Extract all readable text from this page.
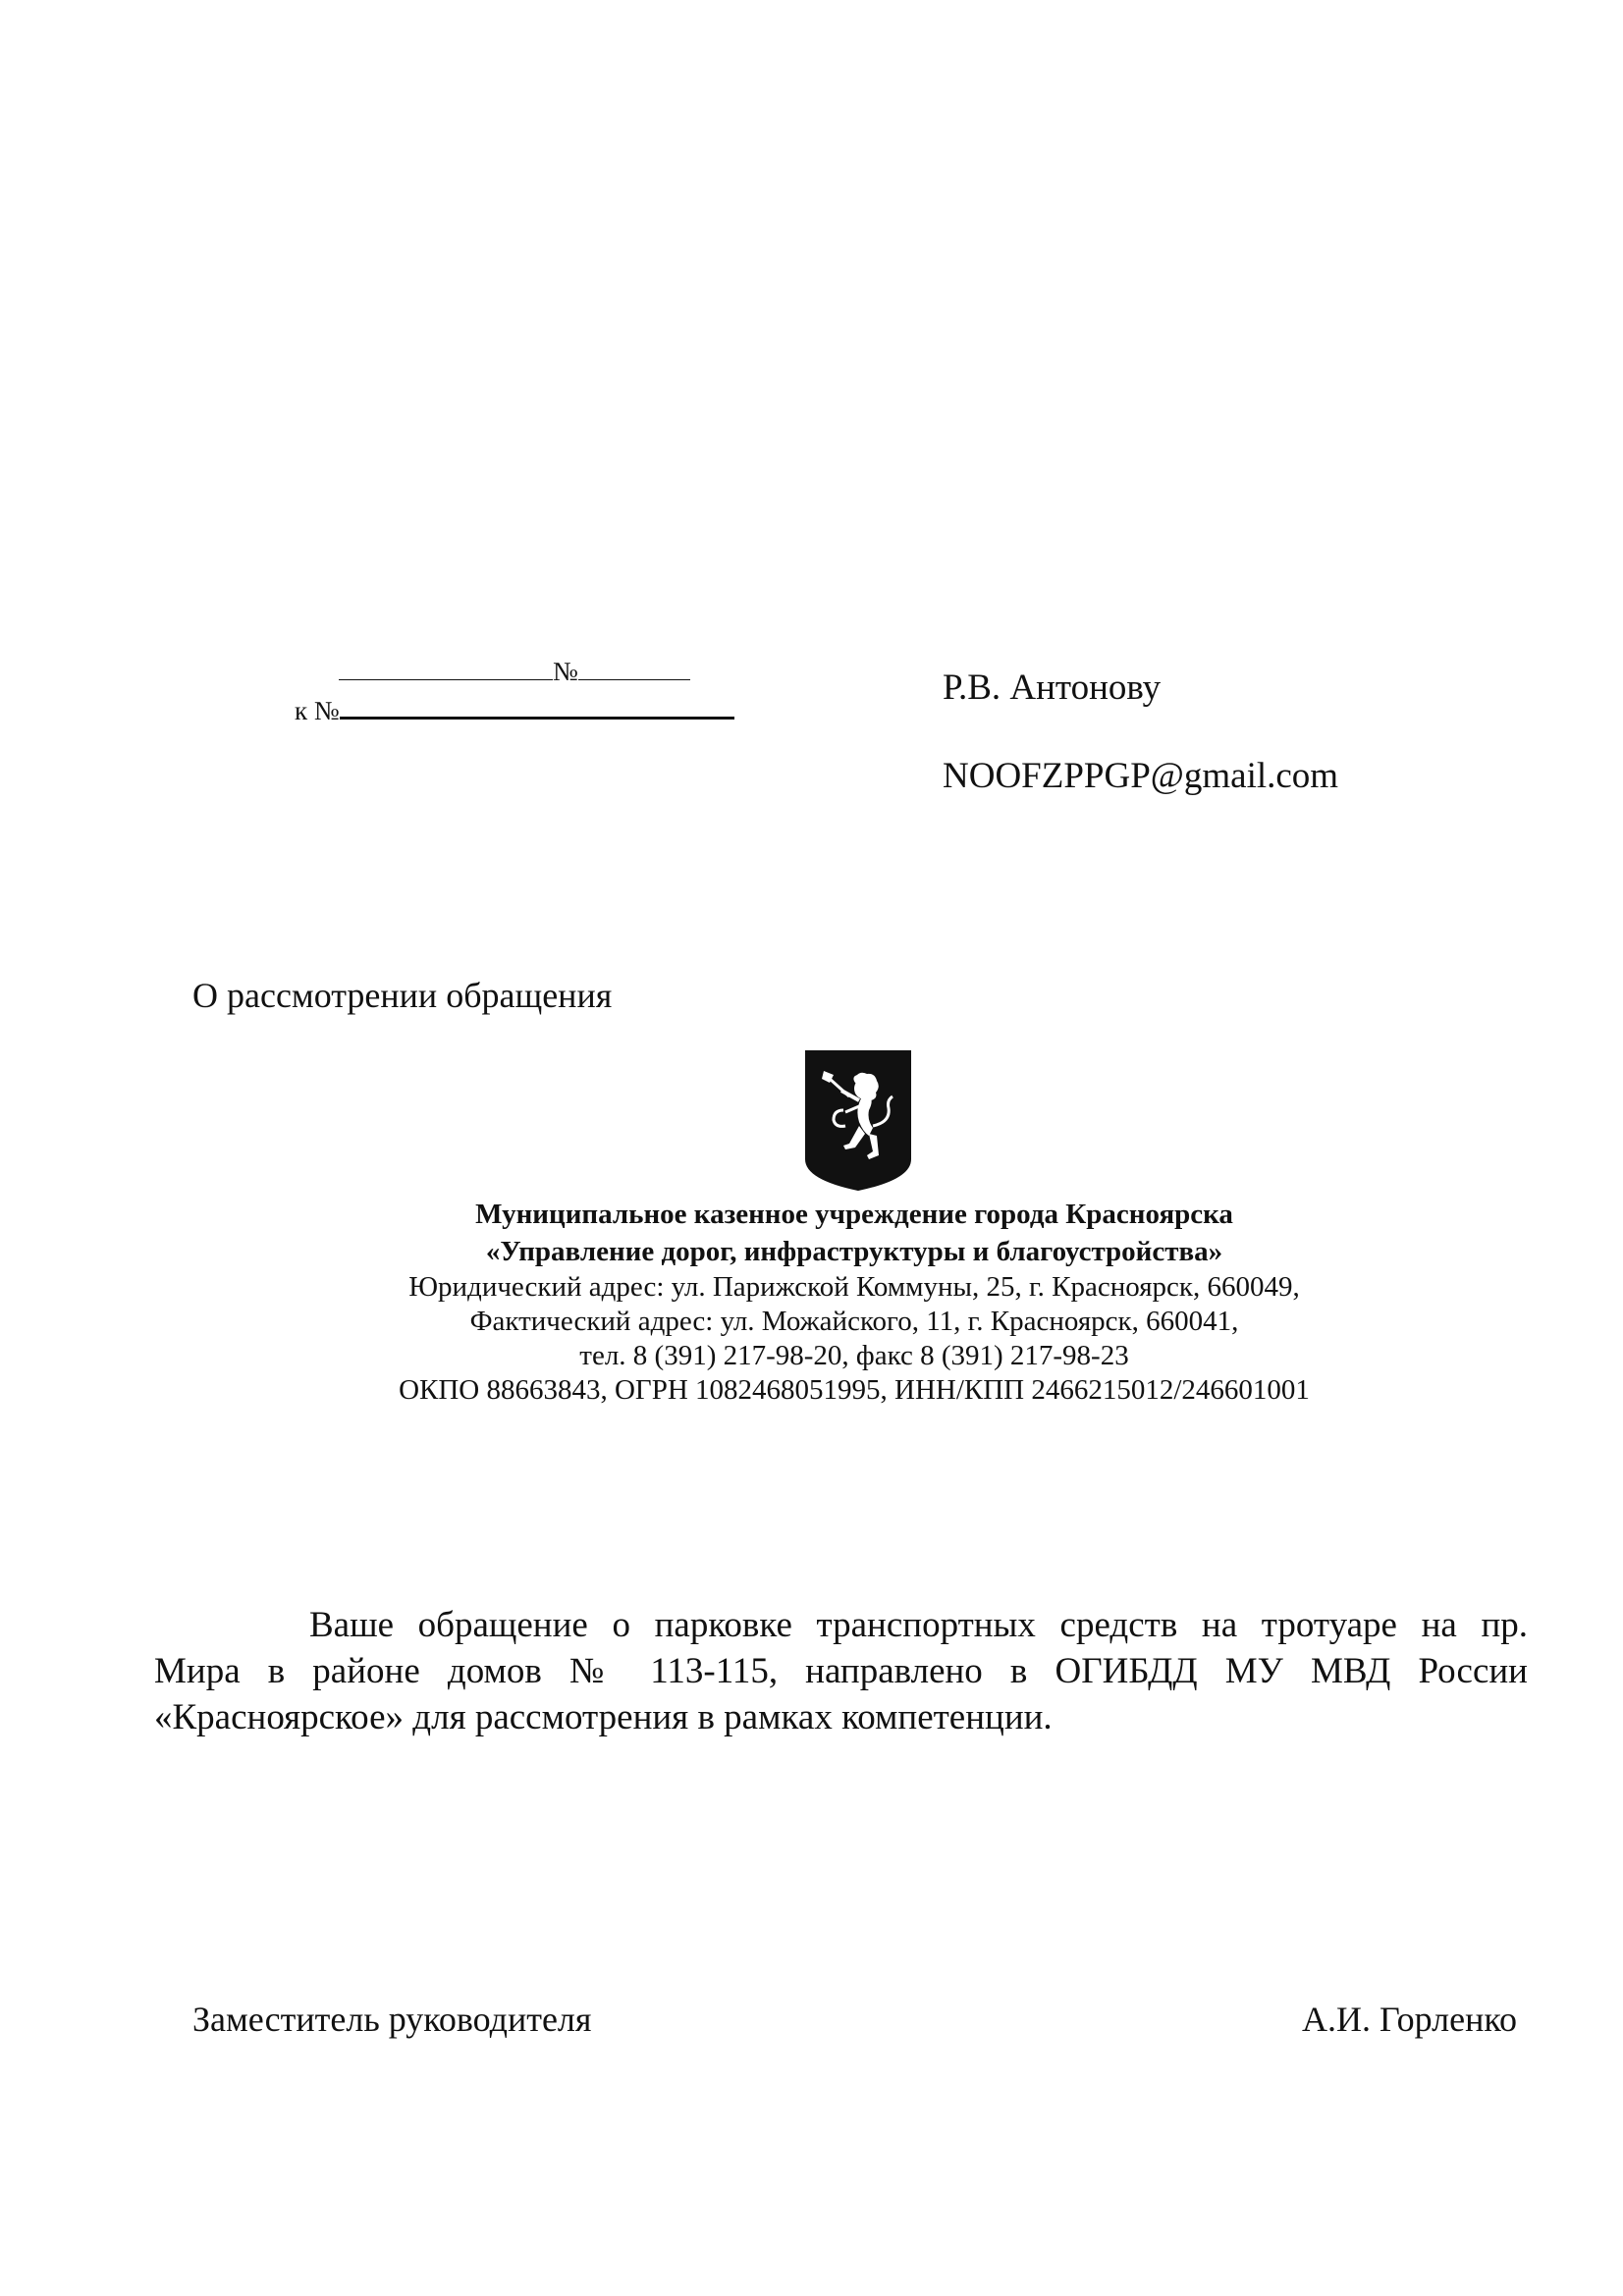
№
к №
Р.В. Антонову
NOOFZPPGP@gmail.com
О рассмотрении обращения
Муниципальное казенное учреждение города Красноярска
«Управление дорог, инфраструктуры и благоустройства»
Юридический адрес: ул. Парижской Коммуны, 25, г. Красноярск, 660049,
Фактический адрес: ул. Можайского, 11, г. Красноярск, 660041,
тел. 8 (391) 217-98-20, факс 8 (391) 217-98-23
ОКПО 88663843, ОГРН 1082468051995, ИНН/КПП 2466215012/246601001
Ваше обращение о парковке транспортных средств на тротуаре на пр.
Мира в районе домов № 113-115, направлено в ОГИБДД МУ МВД России
«Красноярское» для рассмотрения в рамках компетенции.
Заместитель руководителя	А.И. Горленко
